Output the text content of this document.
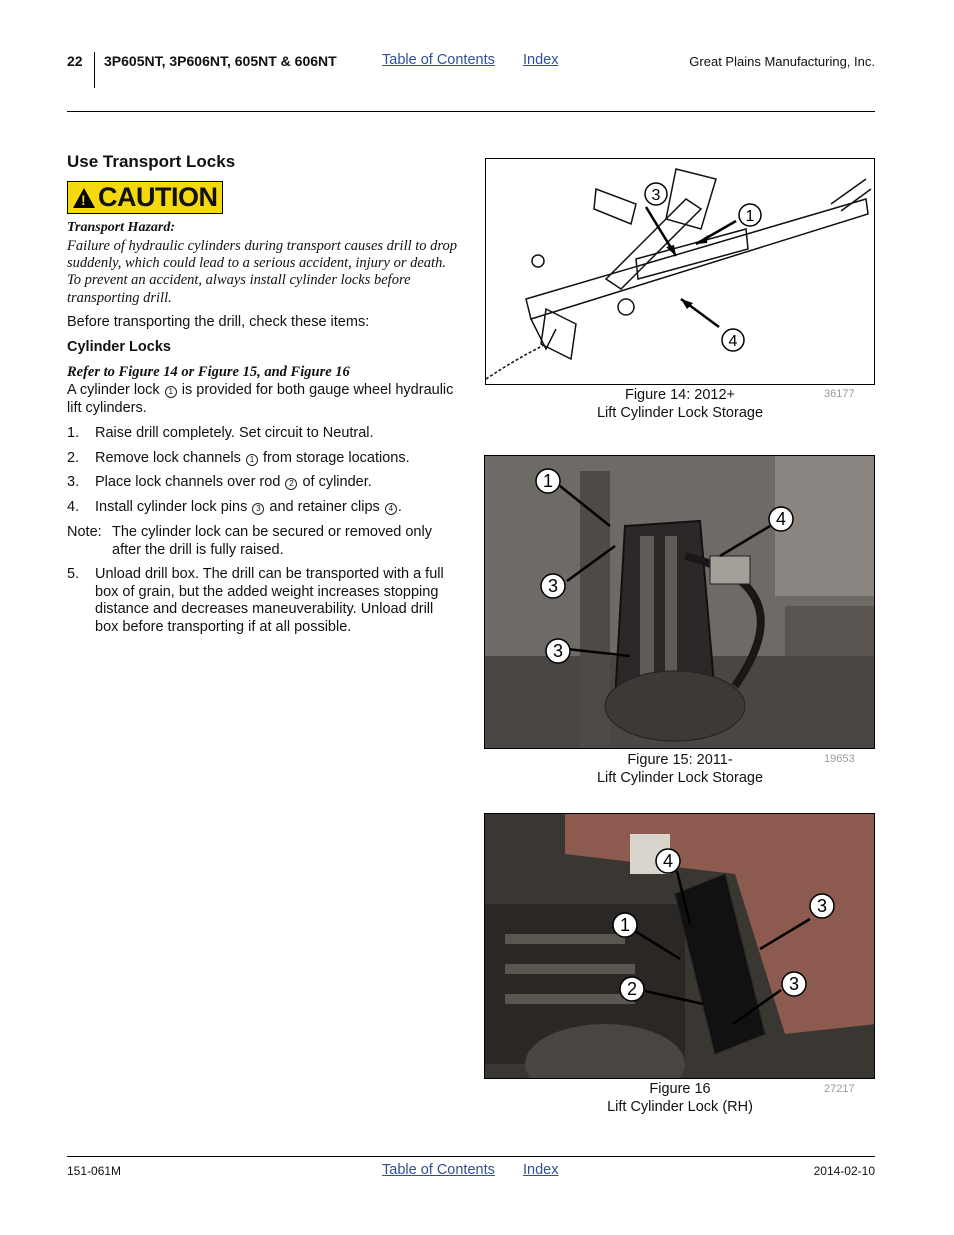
22 3P605NT, 3P606NT, 605NT & 606NT	Table of Contents Index	Great Plains Manufacturing, Inc.
Use Transport Locks
! CAUTION
Transport Hazard:
Failure of hydraulic cylinders during transport causes drill to drop suddenly, which could lead to a serious accident, injury or death. To prevent an accident, always install cylinder locks before transporting drill.
Before transporting the drill, check these items:
Cylinder Locks
Refer to Figure 14 or Figure 15, and Figure 16
A cylinder lock 1 is provided for both gauge wheel hydraulic lift cylinders.
1. Raise drill completely. Set circuit to Neutral.
2. Remove lock channels 1 from storage locations.
3. Place lock channels over rod 2 of cylinder.
4. Install cylinder lock pins 3 and retainer clips 4 .
Note: The cylinder lock can be secured or removed only after the drill is fully raised.
5. Unload drill box. The drill can be transported with a full box of grain, but the added weight increases stopping distance and decreases maneuverability. Unload drill box before transporting if at all possible.
3
1
4
Figure 14: 2012+
Lift Cylinder Lock Storage
36177
1
4
3
3
Figure 15: 2011-
Lift Cylinder Lock Storage
19653
4
3
1
2	3
Figure 16
Lift Cylinder Lock (RH)
27217
151-061M	Table of Contents Index	2014-02-10
